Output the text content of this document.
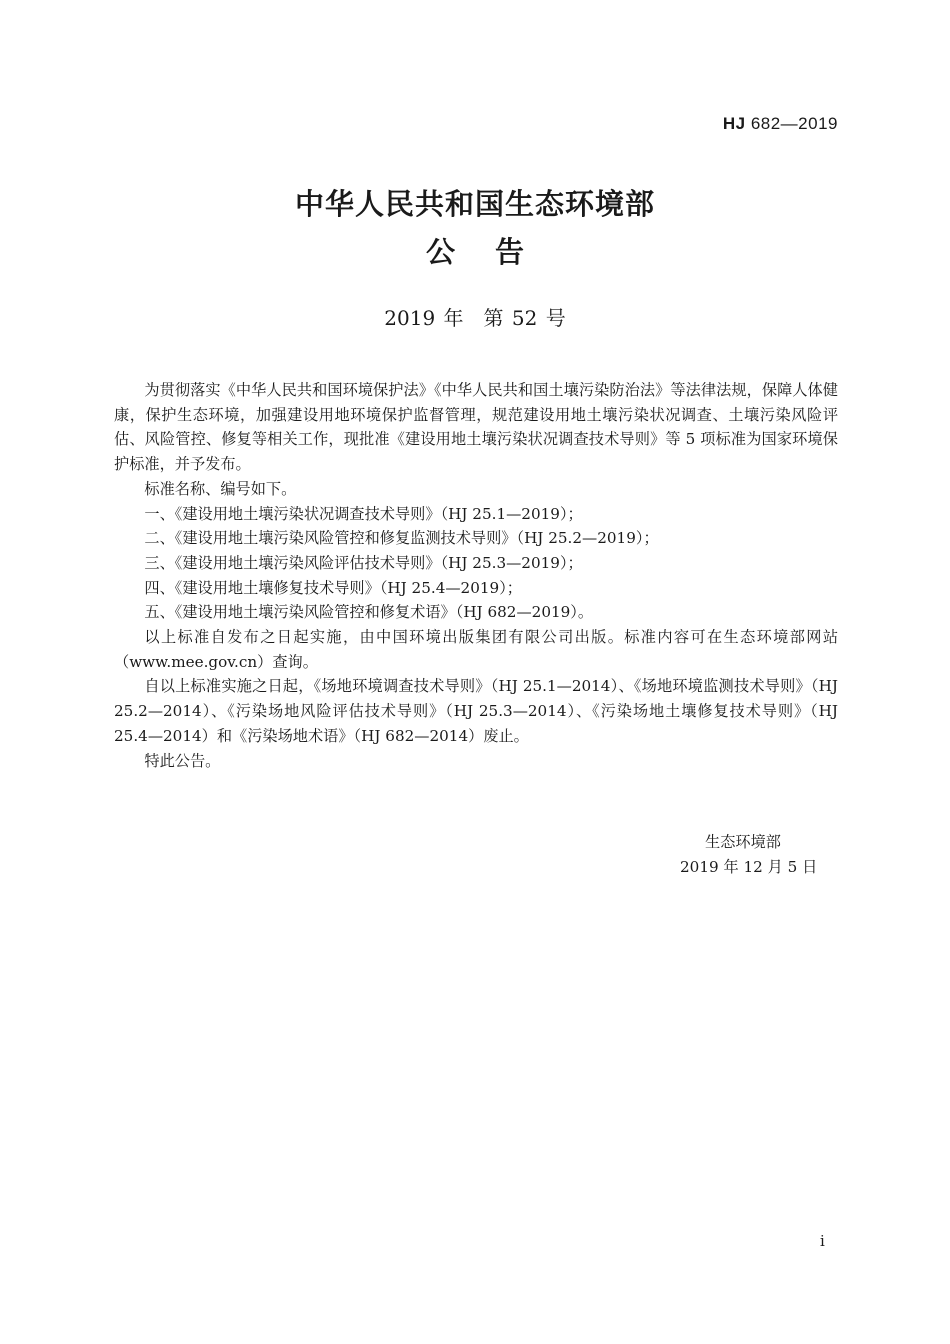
HJ 682—2019
中华人民共和国生态环境部
公告
2019 年　第 52 号

为贯彻落实《中华人民共和国环境保护法》《中华人民共和国土壤污染防治法》等法律法规，保障人体健康，保护生态环境，加强建设用地环境保护监督管理，规范建设用地土壤污染状况调查、土壤污染风险评估、风险管控、修复等相关工作，现批准《建设用地土壤污染状况调查技术导则》等 5 项标准为国家环境保护标准，并予发布。

标准名称、编号如下。

一、《建设用地土壤污染状况调查技术导则》（HJ 25.1—2019）；

二、《建设用地土壤污染风险管控和修复监测技术导则》（HJ 25.2—2019）；

三、《建设用地土壤污染风险评估技术导则》（HJ 25.3—2019）；

四、《建设用地土壤修复技术导则》（HJ 25.4—2019）；

五、《建设用地土壤污染风险管控和修复术语》（HJ 682—2019）。

以上标准自发布之日起实施，由中国环境出版集团有限公司出版。标准内容可在生态环境部网站（www.mee.gov.cn）查询。

自以上标准实施之日起，《场地环境调查技术导则》（HJ 25.1—2014）、《场地环境监测技术导则》（HJ 25.2—2014）、《污染场地风险评估技术导则》（HJ 25.3—2014）、《污染场地土壤修复技术导则》（HJ 25.4—2014）和《污染场地术语》（HJ 682—2014）废止。

特此公告。

生态环境部
2019 年 12 月 5 日
i
